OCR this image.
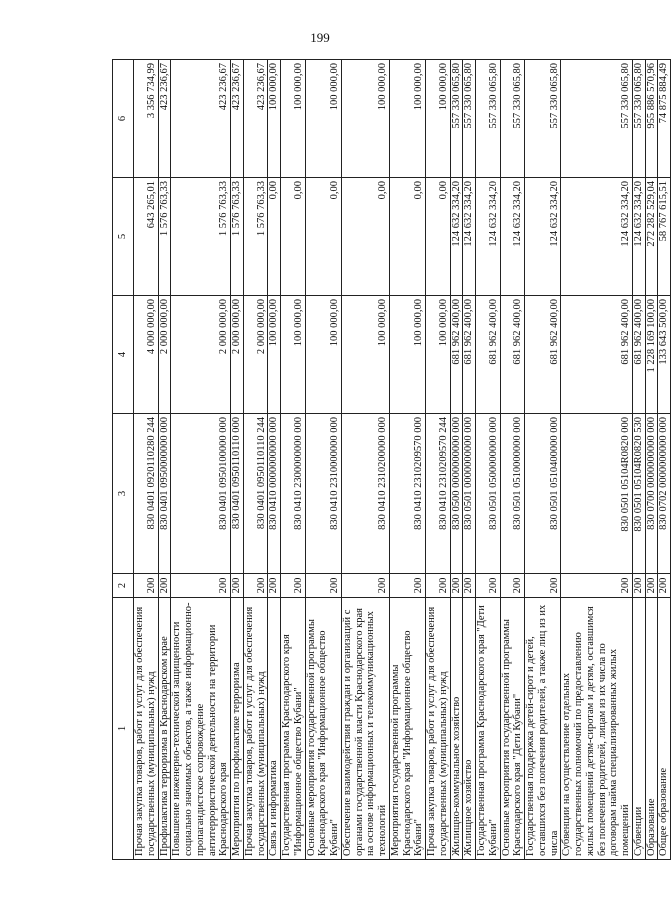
199
1	2	3	4	5	6
Прочая закупка товаров, работ и услуг для обеспечения государственных (муниципальных) нужд	200	830 0401 0920110280 244	4 000 000,00	643 265,01	3 356 734,99
Профилактика терроризма в Краснодарском крае	200	830 0401 0950000000 000	2 000 000,00	1 576 763,33	423 236,67
Повышение инженерно-технической защищенности социально значимых объектов, а также информационно-пропагандистское сопровождение антитеррористической деятельности на территории Краснодарского края	200	830 0401 0950100000 000	2 000 000,00	1 576 763,33	423 236,67
Мероприятия по профилактике терроризма	200	830 0401 0950110110 000	2 000 000,00	1 576 763,33	423 236,67
Прочая закупка товаров, работ и услуг для обеспечения государственных (муниципальных) нужд	200	830 0401 0950110110 244	2 000 000,00	1 576 763,33	423 236,67
Связь и информатика	200	830 0410 0000000000 000	100 000,00	0,00	100 000,00
Государственная программа Краснодарского края "Информационное общество Кубани"	200	830 0410 2300000000 000	100 000,00	0,00	100 000,00
Основные мероприятия государственной программы Краснодарского края "Информационное общество Кубани"	200	830 0410 2310000000 000	100 000,00	0,00	100 000,00
Обеспечение взаимодействия граждан и организаций с органами государственной власти Краснодарского края на основе информационных и телекоммуникационных технологий	200	830 0410 2310200000 000	100 000,00	0,00	100 000,00
Мероприятия государственной программы Краснодарского края "Информационное общество Кубани"	200	830 0410 2310209570 000	100 000,00	0,00	100 000,00
Прочая закупка товаров, работ и услуг для обеспечения государственных (муниципальных) нужд	200	830 0410 2310209570 244	100 000,00	0,00	100 000,00
Жилищно-коммунальное хозяйство	200	830 0500 0000000000 000	681 962 400,00	124 632 334,20	557 330 065,80
Жилищное хозяйство	200	830 0501 0000000000 000	681 962 400,00	124 632 334,20	557 330 065,80
Государственная программа Краснодарского края "Дети Кубани"	200	830 0501 0500000000 000	681 962 400,00	124 632 334,20	557 330 065,80
Основные мероприятия государственной программы Краснодарского края "Дети Кубани"	200	830 0501 0510000000 000	681 962 400,00	124 632 334,20	557 330 065,80
Государственная поддержка детей-сирот и детей, оставшихся без попечения родителей, а также лиц из их числа	200	830 0501 0510400000 000	681 962 400,00	124 632 334,20	557 330 065,80
Субвенции на осуществление отдельных государственных полномочий по предоставлению жилых помещений детям-сиротам и детям, оставшимся без попечения родителей, лицам из их числа по договорам найма специализированных жилых помещений	200	830 0501 05104R0820 000	681 962 400,00	124 632 334,20	557 330 065,80
Субвенции	200	830 0501 05104R0820 530	681 962 400,00	124 632 334,20	557 330 065,80
Образование	200	830 0700 0000000000 000	1 228 169 100,00	272 282 529,04	955 886 570,96
Общее образование	200	830 0702 0000000000 000	133 643 500,00	58 767 615,51	74 875 884,49
